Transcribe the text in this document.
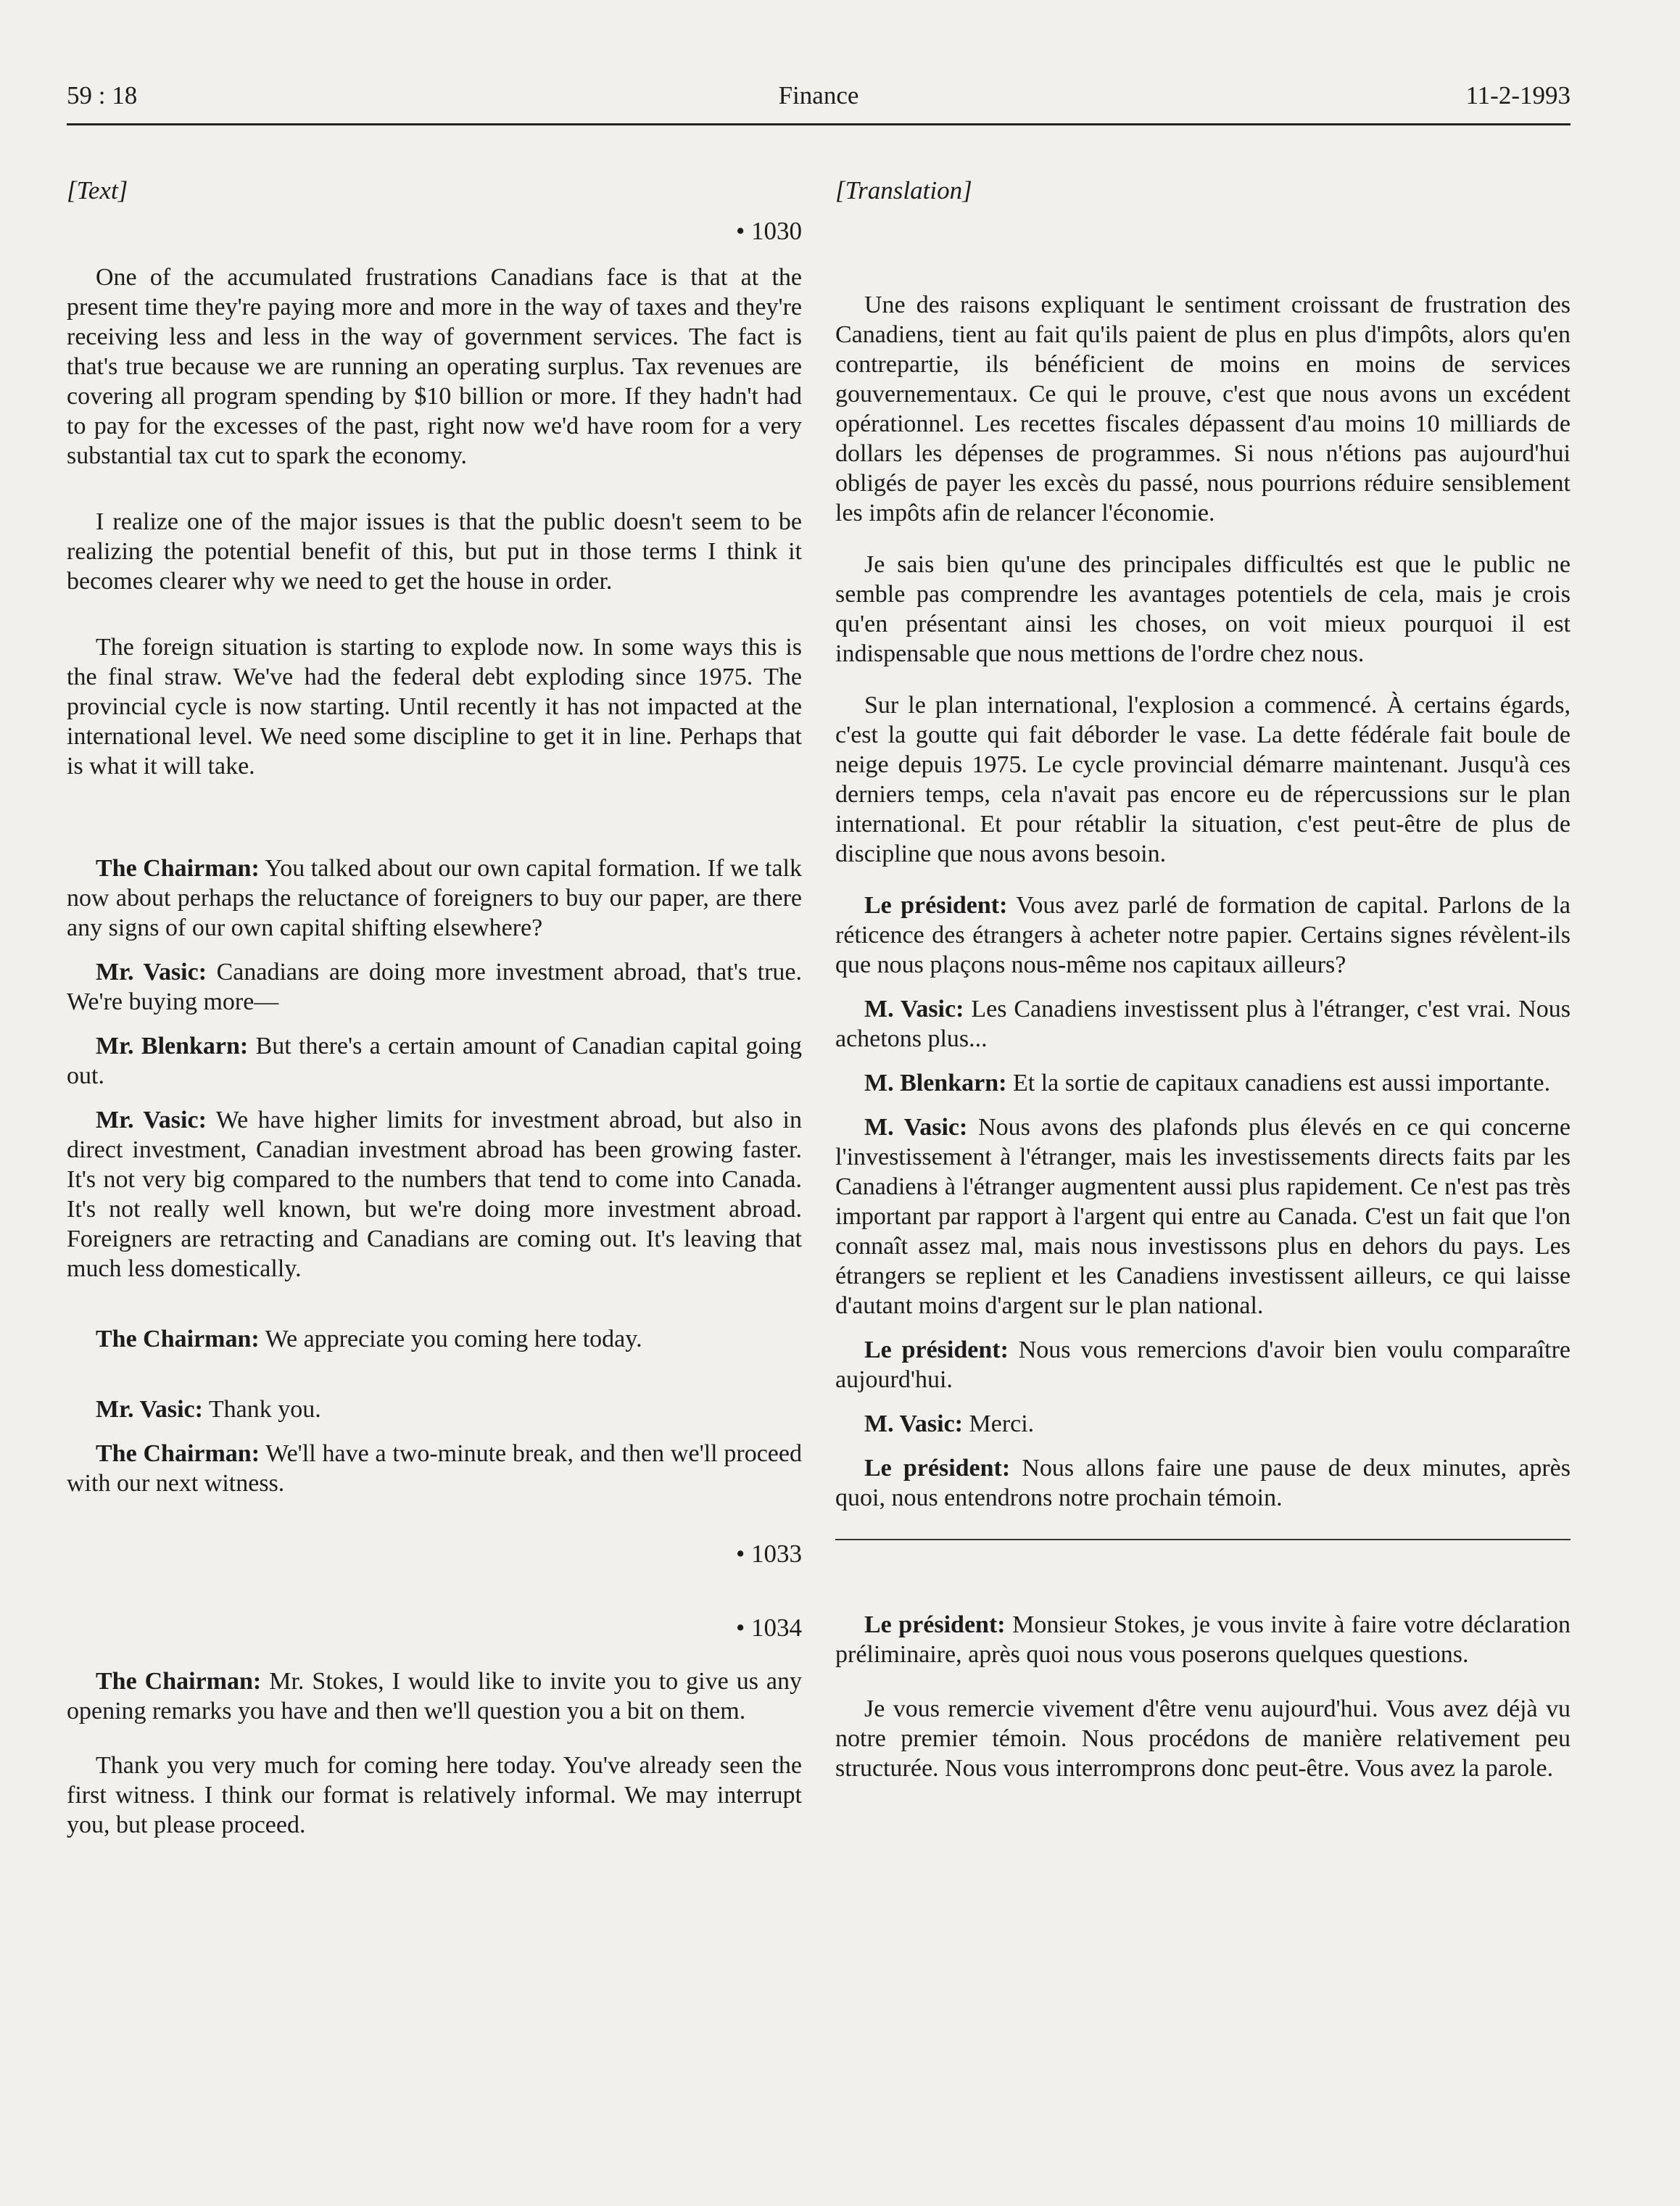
59 : 18	Finance	11-2-1993
[Text]
• 1030

One of the accumulated frustrations Canadians face is that at the present time they're paying more and more in the way of taxes and they're receiving less and less in the way of government services. The fact is that's true because we are running an operating surplus. Tax revenues are covering all program spending by $10 billion or more. If they hadn't had to pay for the excesses of the past, right now we'd have room for a very substantial tax cut to spark the economy.

I realize one of the major issues is that the public doesn't seem to be realizing the potential benefit of this, but put in those terms I think it becomes clearer why we need to get the house in order.

The foreign situation is starting to explode now. In some ways this is the final straw. We've had the federal debt exploding since 1975. The provincial cycle is now starting. Until recently it has not impacted at the international level. We need some discipline to get it in line. Perhaps that is what it will take.

The Chairman: You talked about our own capital formation. If we talk now about perhaps the reluctance of foreigners to buy our paper, are there any signs of our own capital shifting elsewhere?

Mr. Vasic: Canadians are doing more investment abroad, that's true. We're buying more—

Mr. Blenkarn: But there's a certain amount of Canadian capital going out.

Mr. Vasic: We have higher limits for investment abroad, but also in direct investment, Canadian investment abroad has been growing faster. It's not very big compared to the numbers that tend to come into Canada. It's not really well known, but we're doing more investment abroad. Foreigners are retracting and Canadians are coming out. It's leaving that much less domestically.

The Chairman: We appreciate you coming here today.

Mr. Vasic: Thank you.

The Chairman: We'll have a two-minute break, and then we'll proceed with our next witness.

• 1033
• 1034

The Chairman: Mr. Stokes, I would like to invite you to give us any opening remarks you have and then we'll question you a bit on them.

Thank you very much for coming here today. You've already seen the first witness. I think our format is relatively informal. We may interrupt you, but please proceed.

[Translation]

Une des raisons expliquant le sentiment croissant de frustration des Canadiens, tient au fait qu'ils paient de plus en plus d'impôts, alors qu'en contrepartie, ils bénéficient de moins en moins de services gouvernementaux. Ce qui le prouve, c'est que nous avons un excédent opérationnel. Les recettes fiscales dépassent d'au moins 10 milliards de dollars les dépenses de programmes. Si nous n'étions pas aujourd'hui obligés de payer les excès du passé, nous pourrions réduire sensiblement les impôts afin de relancer l'économie.

Je sais bien qu'une des principales difficultés est que le public ne semble pas comprendre les avantages potentiels de cela, mais je crois qu'en présentant ainsi les choses, on voit mieux pourquoi il est indispensable que nous mettions de l'ordre chez nous.

Sur le plan international, l'explosion a commencé. À certains égards, c'est la goutte qui fait déborder le vase. La dette fédérale fait boule de neige depuis 1975. Le cycle provincial démarre maintenant. Jusqu'à ces derniers temps, cela n'avait pas encore eu de répercussions sur le plan international. Et pour rétablir la situation, c'est peut-être de plus de discipline que nous avons besoin.

Le président: Vous avez parlé de formation de capital. Parlons de la réticence des étrangers à acheter notre papier. Certains signes révèlent-ils que nous plaçons nous-même nos capitaux ailleurs?

M. Vasic: Les Canadiens investissent plus à l'étranger, c'est vrai. Nous achetons plus...

M. Blenkarn: Et la sortie de capitaux canadiens est aussi importante.

M. Vasic: Nous avons des plafonds plus élevés en ce qui concerne l'investissement à l'étranger, mais les investissements directs faits par les Canadiens à l'étranger augmentent aussi plus rapidement. Ce n'est pas très important par rapport à l'argent qui entre au Canada. C'est un fait que l'on connaît assez mal, mais nous investissons plus en dehors du pays. Les étrangers se replient et les Canadiens investissent ailleurs, ce qui laisse d'autant moins d'argent sur le plan national.

Le président: Nous vous remercions d'avoir bien voulu comparaître aujourd'hui.

M. Vasic: Merci.

Le président: Nous allons faire une pause de deux minutes, après quoi, nous entendrons notre prochain témoin.

Le président: Monsieur Stokes, je vous invite à faire votre déclaration préliminaire, après quoi nous vous poserons quelques questions.

Je vous remercie vivement d'être venu aujourd'hui. Vous avez déjà vu notre premier témoin. Nous procédons de manière relativement peu structurée. Nous vous interromprons donc peut-être. Vous avez la parole.
